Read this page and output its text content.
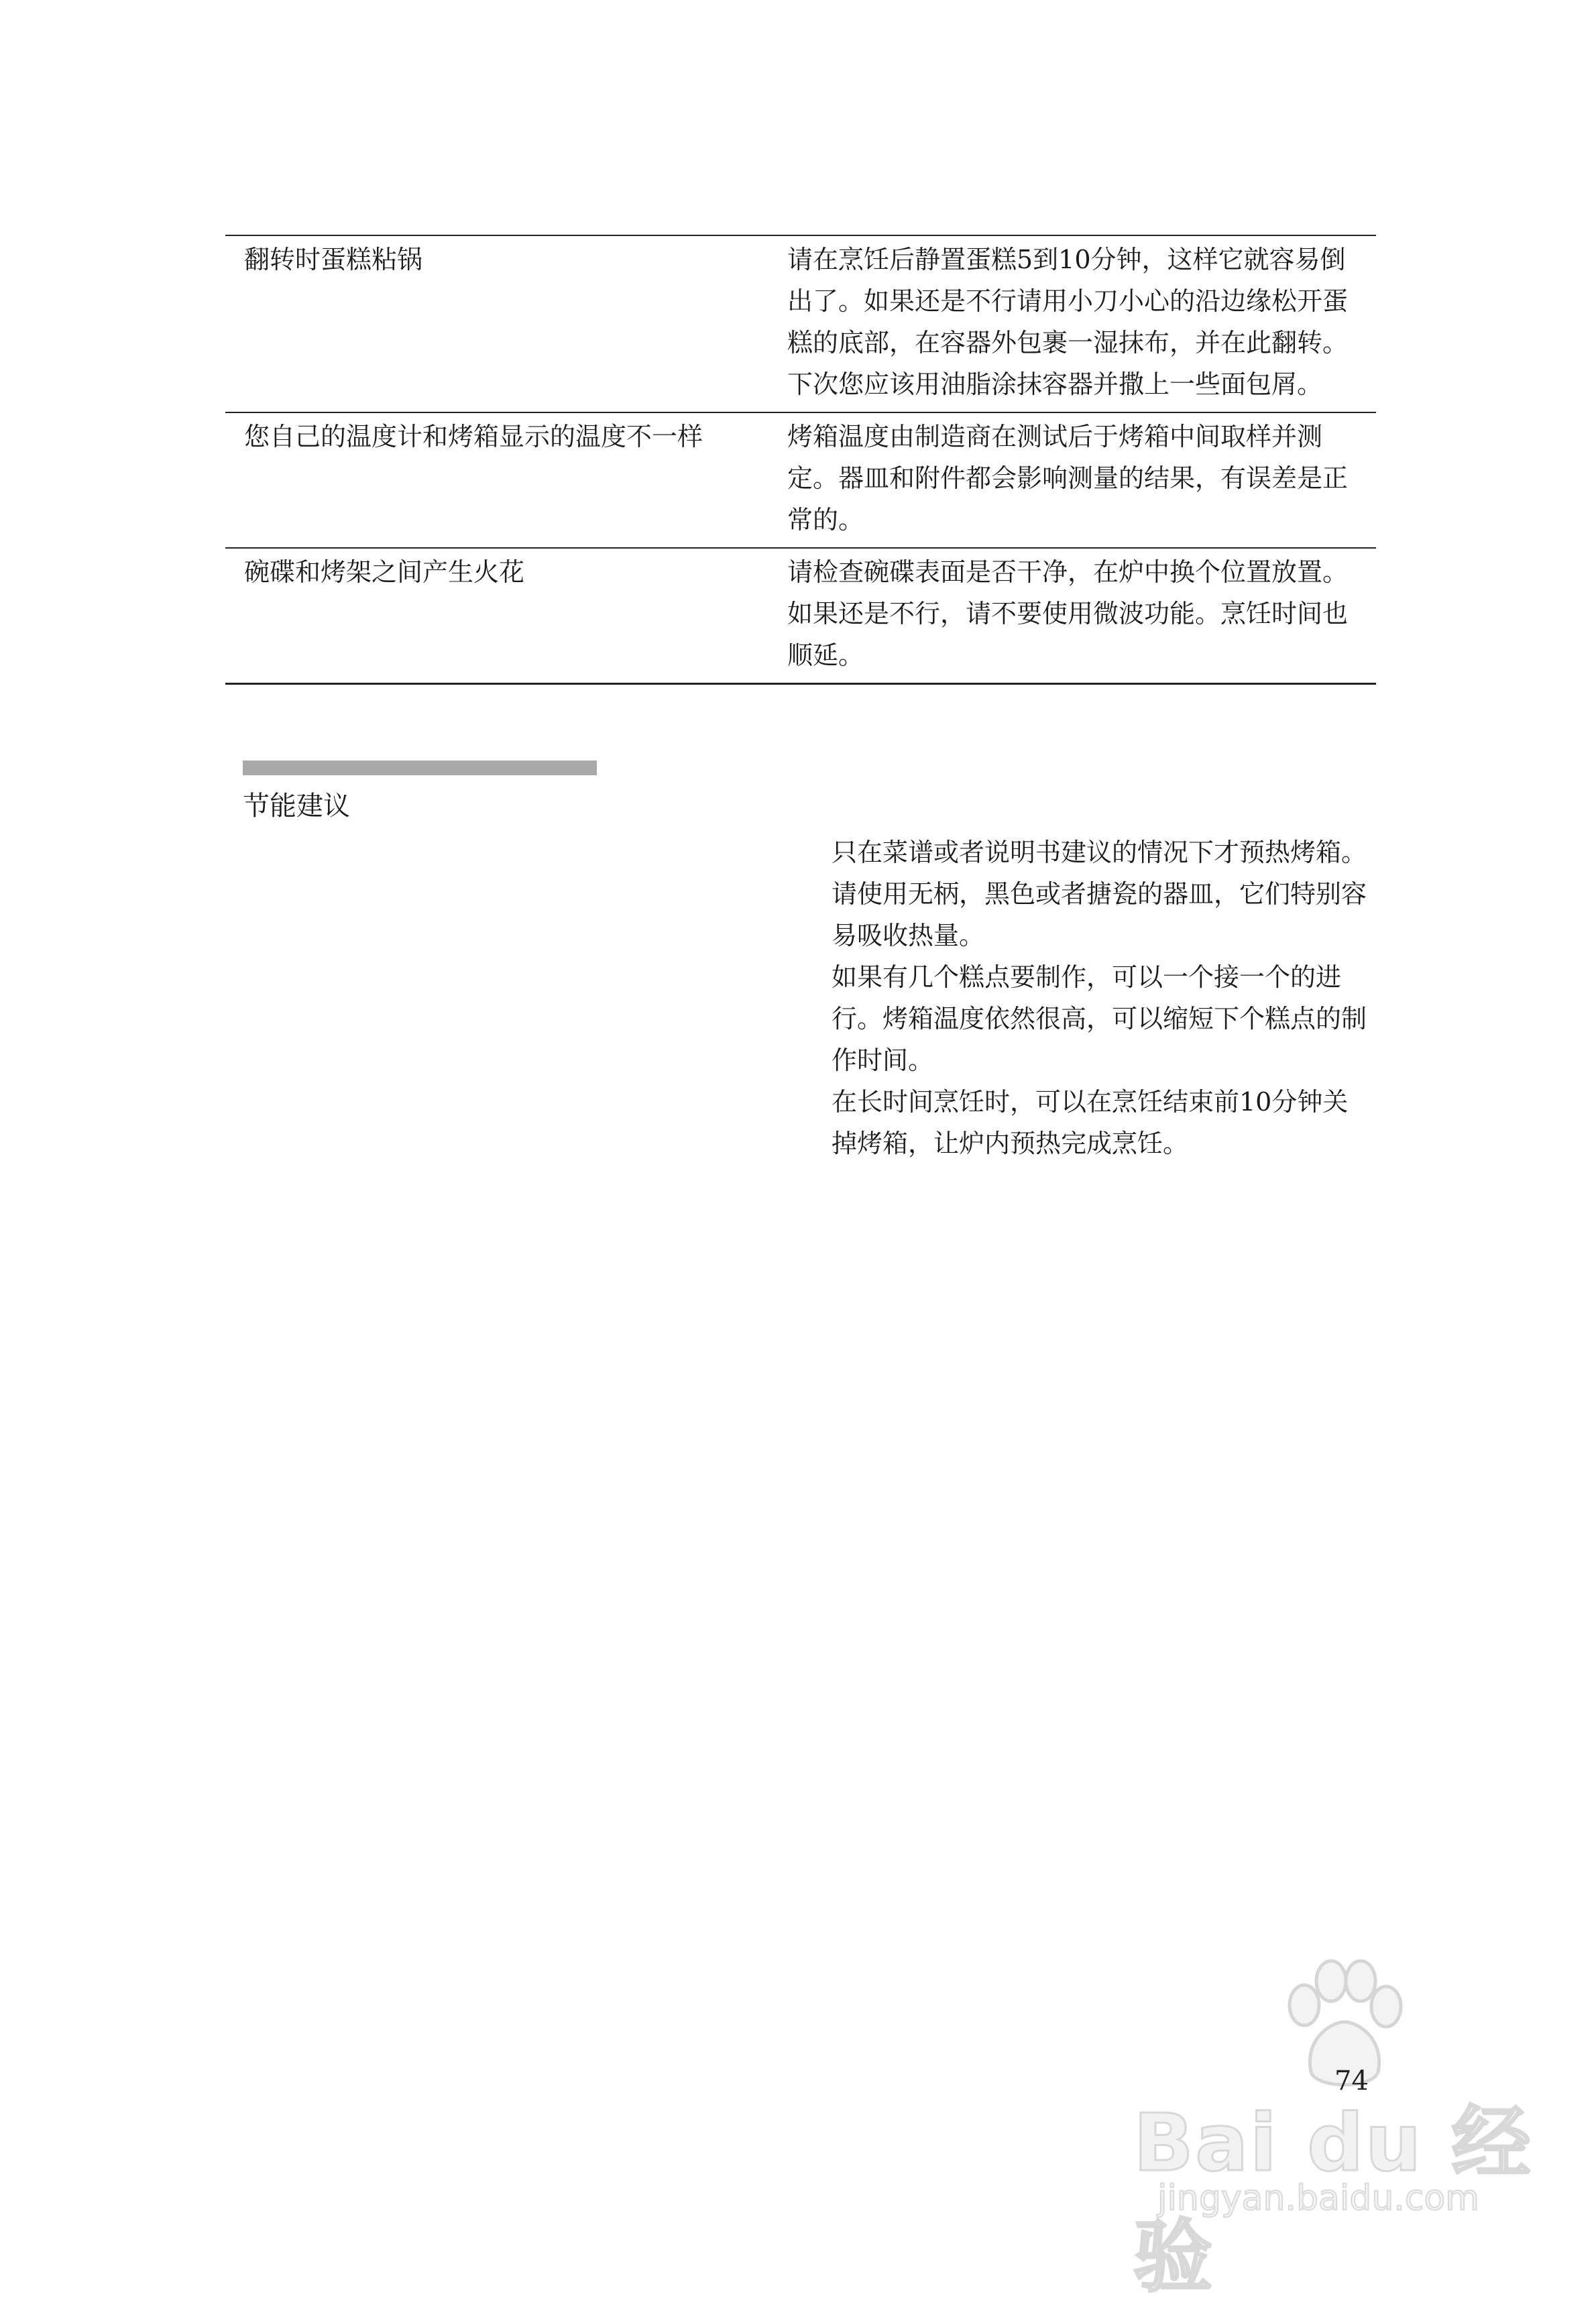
翻转时蛋糕粘锅	请在烹饪后静置蛋糕5到10分钟，这样它就容易倒出了。如果还是不行请用小刀小心的沿边缘松开蛋糕的底部，在容器外包裹一湿抹布，并在此翻转。下次您应该用油脂涂抹容器并撒上一些面包屑。
您自己的温度计和烤箱显示的温度不一样	烤箱温度由制造商在测试后于烤箱中间取样并测定。器皿和附件都会影响测量的结果，有误差是正常的。
碗碟和烤架之间产生火花	请检查碗碟表面是否干净，在炉中换个位置放置。如果还是不行，请不要使用微波功能。烹饪时间也顺延。
节能建议

只在菜谱或者说明书建议的情况下才预热烤箱。

请使用无柄，黑色或者搪瓷的器皿，它们特别容易吸收热量。

如果有几个糕点要制作，可以一个接一个的进行。烤箱温度依然很高，可以缩短下个糕点的制作时间。

在长时间烹饪时，可以在烹饪结束前10分钟关掉烤箱，让炉内预热完成烹饪。

Bai du 经验
jingyan.baidu.com
74
